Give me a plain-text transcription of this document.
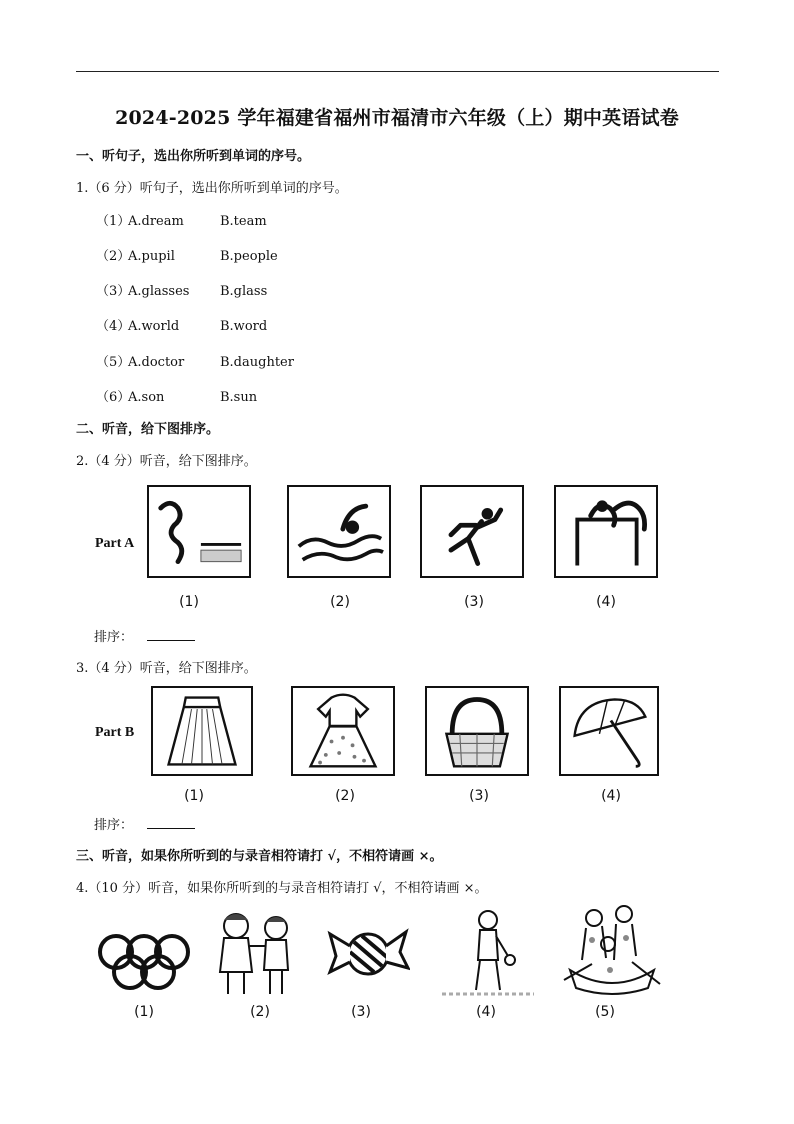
2024-2025 学年福建省福州市福清市六年级（上）期中英语试卷
一、听句子，选出你所听到单词的序号。
1.（6 分）听句子，选出你所听到单词的序号。
（1）A.dream	B.team
（2）A.pupil	B.people
（3）A.glasses B.glass
（4）A.world	B.word
（5）A.doctor	B.daughter
（6）A.son	B.sun
二、听音，给下图排序。
2.（4 分）听音，给下图排序。
Part A
(1)	(2)	(3)	(4)
排序：
3.（4 分）听音，给下图排序。
Part B
(1)	(2)	(3)	(4)
排序：
三、听音，如果你所听到的与录音相符请打 √，不相符请画 ×。
4.（10 分）听音，如果你所听到的与录音相符请打 √，不相符请画 ×。
(1)	(2)	(3)	(4)	(5)
